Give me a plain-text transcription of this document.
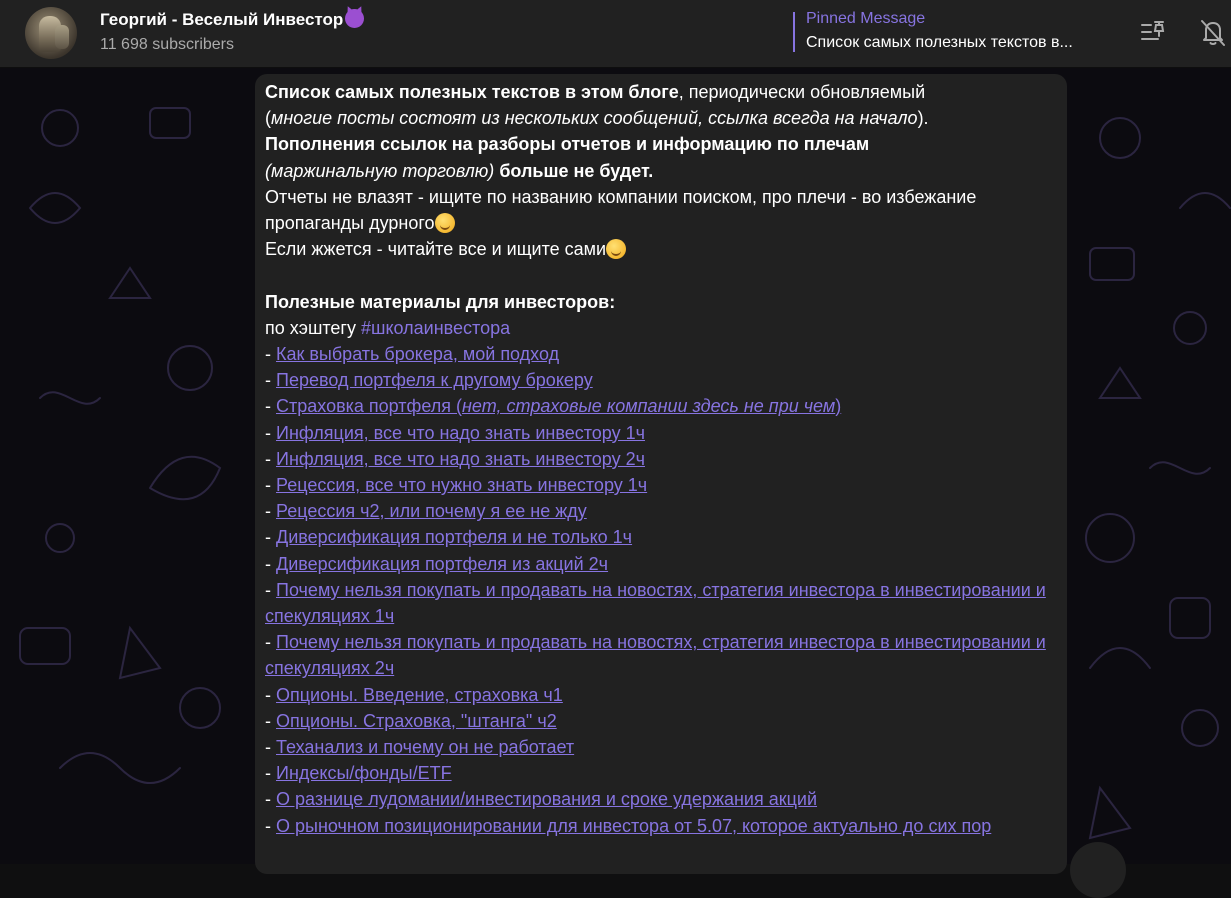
Георгий - Веселый Инвестор
11 698 subscribers
Pinned Message
Список самых полезных текстов в...

Список самых полезных текстов в этом блоге, периодически обновляемый
(многие посты состоят из нескольких сообщений, ссылка всегда на начало).

Пополнения ссылок на разборы отчетов и информацию по плечам
(маржинальную торговлю) больше не будет.

Отчеты не влазят - ищите по названию компании поиском, про плечи - во избежание пропаганды дурного

Если жжется - читайте все и ищите сами

Полезные материалы для инвесторов:

по хэштегу #школаинвестора

- Как выбрать брокера, мой подход

- Перевод портфеля к другому брокеру

- Страховка портфеля (нет, страховые компании здесь не при чем)

- Инфляция, все что надо знать инвестору 1ч

- Инфляция, все что надо знать инвестору 2ч

- Рецессия, все что нужно знать инвестору 1ч

- Рецессия ч2, или почему я ее не жду

- Диверсификация портфеля и не только 1ч

- Диверсификация портфеля из акций 2ч

- Почему нельзя покупать и продавать на новостях, стратегия инвестора в инвестировании и спекуляциях 1ч

- Почему нельзя покупать и продавать на новостях, стратегия инвестора в инвестировании и спекуляциях 2ч

- Опционы. Введение, страховка ч1

- Опционы. Страховка, "штанга" ч2

- Теханализ и почему он не работает

- Индексы/фонды/ETF

- О разнице лудомании/инвестирования и сроке удержания акций

- О рыночном позиционировании для инвестора от 5.07, которое актуально до сих пор
